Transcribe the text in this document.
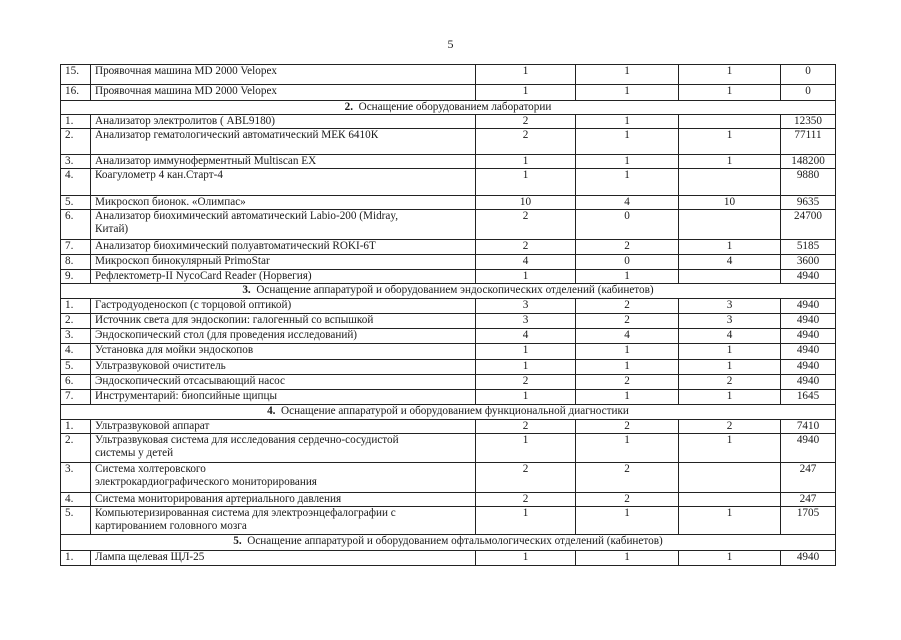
5
15.	Проявочная машина MD 2000 Velopex	1	1	1	0
16.	Проявочная машина MD 2000 Velopex	1	1	1	0
2. Оснащение оборудованием лаборатории					
1.	Анализатор электролитов ( ABL9180)	2	1		12350
2.	Анализатор гематологический автоматический МЕК 6410К	2	1	1	77111
3.	Анализатор иммуноферментный Multiscan EX	1	1	1	148200
4.	Коагулометр 4 кан.Старт-4	1	1		9880
5.	Микроскоп бионок. «Олимпас»	10	4	10	9635
6.	Анализатор биохимический автоматический Labio-200 (Midray,
Китай)	2	0		24700
7.	Анализатор биохимический полуавтоматический ROKI-6T	2	2	1	5185
8.	Микроскоп бинокулярный PrimoStar	4	0	4	3600
9.	Рефлектометр-II NycoCard Reader (Норвегия)	1	1		4940
3. Оснащение аппаратурой и оборудованием эндоскопических отделений (кабинетов)					
1.	Гастродуоденоскоп (с торцовой оптикой)	3	2	3	4940
2.	Источник света для эндоскопии: галогенный со вспышкой	3	2	3	4940
3.	Эндоскопический стол (для проведения исследований)	4	4	4	4940
4.	Установка для мойки эндоскопов	1	1	1	4940
5.	Ультразвуковой очиститель	1	1	1	4940
6.	Эндоскопический отсасывающий насос	2	2	2	4940
7.	Инструментарий: биопсийные щипцы	1	1	1	1645
4. Оснащение аппаратурой и оборудованием функциональной диагностики					
1.	Ультразвуковой аппарат	2	2	2	7410
2.	Ультразвуковая система для исследования сердечно-сосудистой
системы у детей	1	1	1	4940
3.	Система холтеровского
электрокардиографического мониторирования	2	2		247
4.	Система мониторирования артериального давления	2	2		247
5.	Компьютеризированная система для электроэнцефалографии с
картированием головного мозга	1	1	1	1705
5. Оснащение аппаратурой и оборудованием офтальмологических отделений (кабинетов)					
1.	Лампа щелевая ЩЛ-25	1	1	1	4940
